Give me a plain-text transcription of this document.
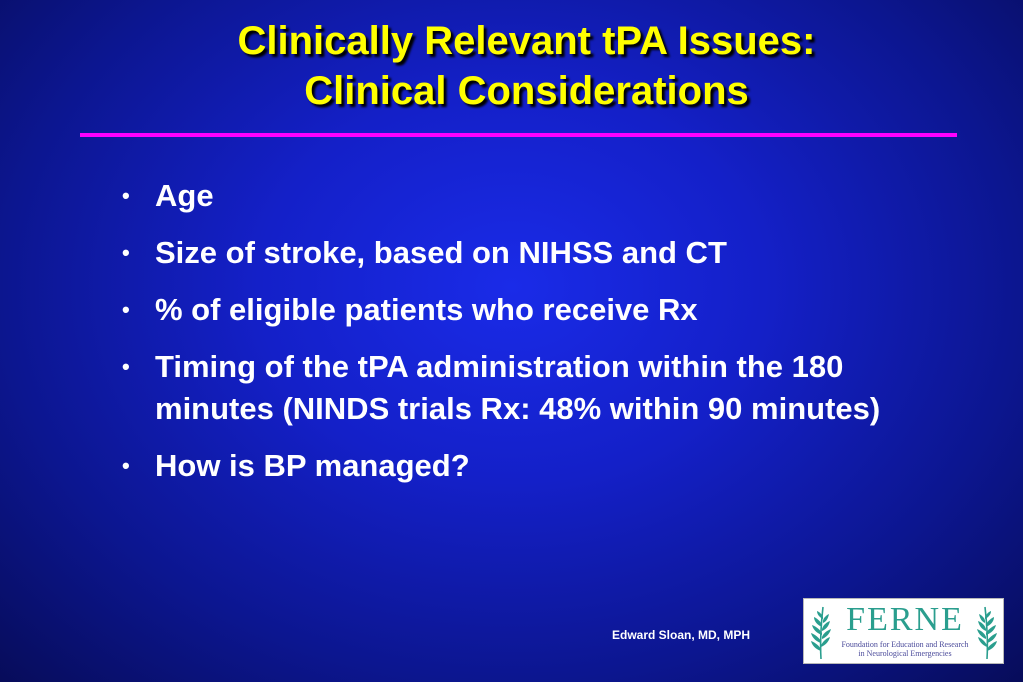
Clinically Relevant tPA Issues:
Clinical Considerations
• Age
• Size of stroke, based on NIHSS and CT
• % of eligible patients who receive Rx
• Timing of the tPA administration within the 180 minutes (NINDS trials Rx: 48% within 90 minutes)
• How is BP managed?
Edward Sloan, MD, MPH	FERNE
Foundation for Education and Research
in Neurological Emergencies
